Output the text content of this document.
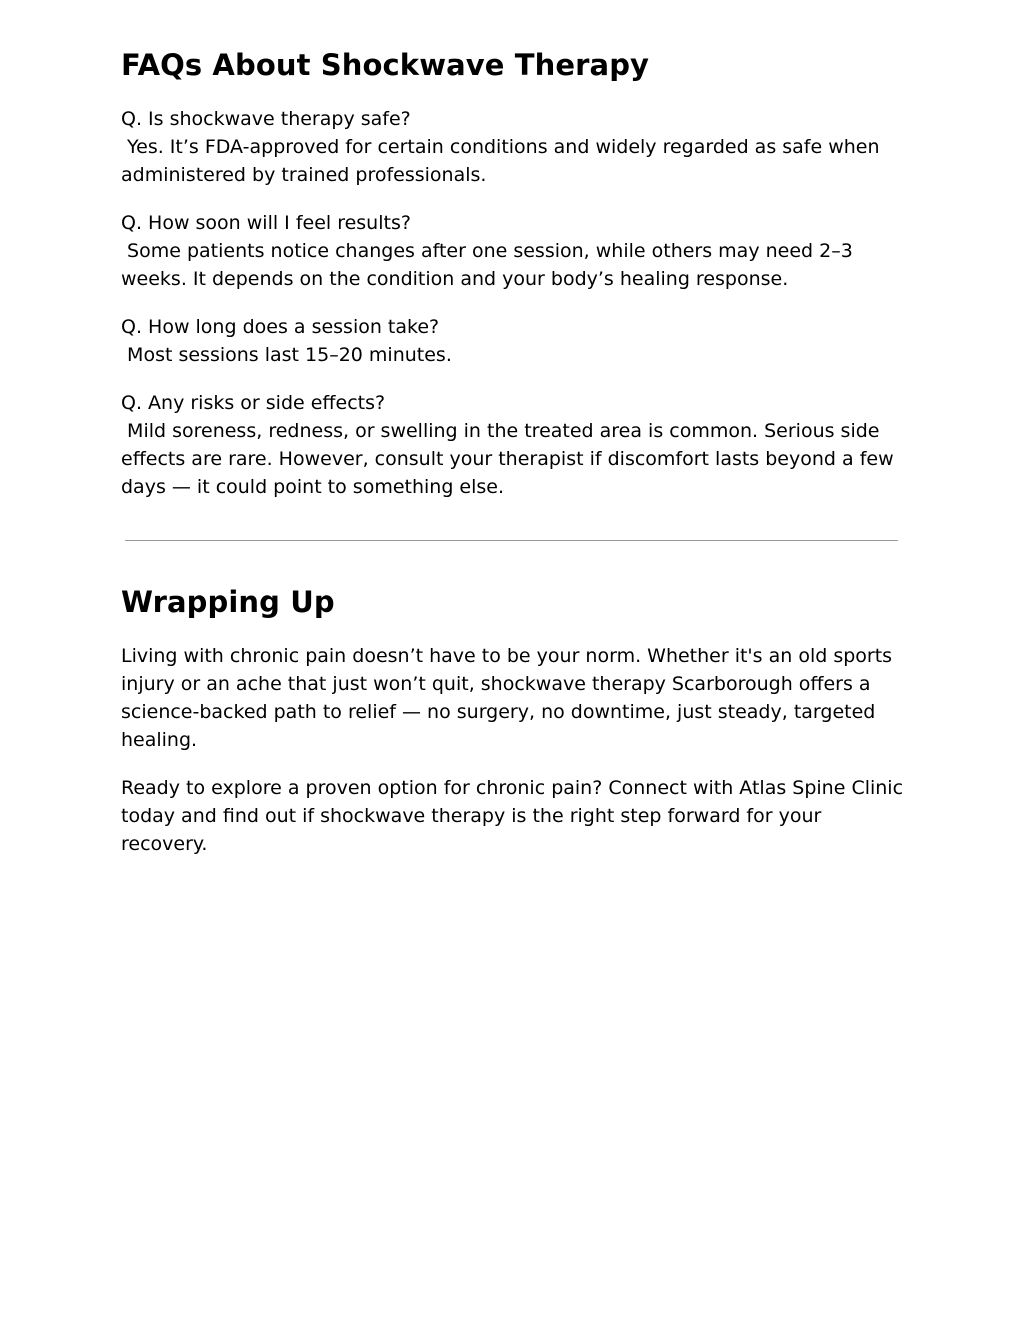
FAQs About Shockwave Therapy

Q. Is shockwave therapy safe?

Yes. It’s FDA-approved for certain conditions and widely regarded as safe when administered by trained professionals.

Q. How soon will I feel results?

Some patients notice changes after one session, while others may need 2–3 weeks. It depends on the condition and your body’s healing response.

Q. How long does a session take?

Most sessions last 15–20 minutes.

Q. Any risks or side effects?

Mild soreness, redness, or swelling in the treated area is common. Serious side effects are rare. However, consult your therapist if discomfort lasts beyond a few days — it could point to something else.

Wrapping Up

Living with chronic pain doesn’t have to be your norm. Whether it's an old sports injury or an ache that just won’t quit, shockwave therapy Scarborough offers a science-backed path to relief — no surgery, no downtime, just steady, targeted healing.

Ready to explore a proven option for chronic pain? Connect with Atlas Spine Clinic today and find out if shockwave therapy is the right step forward for your recovery.
